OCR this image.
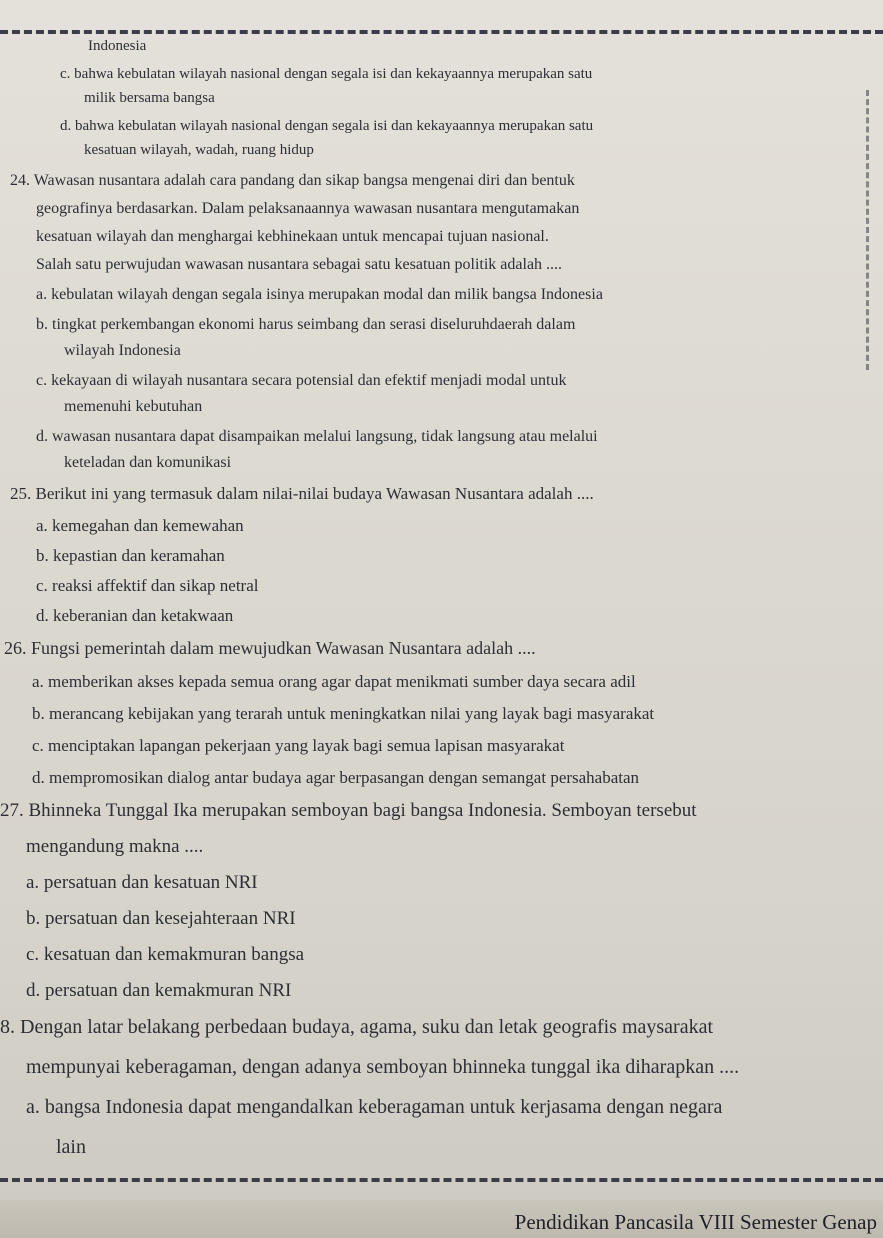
Indonesia
c. bahwa kebulatan wilayah nasional dengan segala isi dan kekayaannya merupakan satu
milik bersama bangsa
d. bahwa kebulatan wilayah nasional dengan segala isi dan kekayaannya merupakan satu
kesatuan wilayah, wadah, ruang hidup
24. Wawasan nusantara adalah cara pandang dan sikap bangsa mengenai diri dan bentuk
geografinya berdasarkan. Dalam pelaksanaannya wawasan nusantara mengutamakan
kesatuan wilayah dan menghargai kebhinekaan untuk mencapai tujuan nasional.
Salah satu perwujudan wawasan nusantara sebagai satu kesatuan politik adalah ....
a. kebulatan wilayah dengan segala isinya merupakan modal dan milik bangsa Indonesia
b. tingkat perkembangan ekonomi harus seimbang dan serasi diseluruhdaerah dalam
wilayah Indonesia
c. kekayaan di wilayah nusantara secara potensial dan efektif menjadi modal untuk
memenuhi kebutuhan
d. wawasan nusantara dapat disampaikan melalui langsung, tidak langsung atau melalui
keteladan dan komunikasi
25. Berikut ini yang termasuk dalam nilai-nilai budaya Wawasan Nusantara adalah ....
a. kemegahan dan kemewahan
b. kepastian dan keramahan
c. reaksi affektif dan sikap netral
d. keberanian dan ketakwaan
26. Fungsi pemerintah dalam mewujudkan Wawasan Nusantara adalah ....
a. memberikan akses kepada semua orang agar dapat menikmati sumber daya secara adil
b. merancang kebijakan yang terarah untuk meningkatkan nilai yang layak bagi masyarakat
c. menciptakan lapangan pekerjaan yang layak bagi semua lapisan masyarakat
d. mempromosikan dialog antar budaya agar berpasangan dengan semangat persahabatan
27. Bhinneka Tunggal Ika merupakan semboyan bagi bangsa Indonesia. Semboyan tersebut
mengandung makna ....
a. persatuan dan kesatuan NRI
b. persatuan dan kesejahteraan NRI
c. kesatuan dan kemakmuran bangsa
d. persatuan dan kemakmuran NRI
8. Dengan latar belakang perbedaan budaya, agama, suku dan letak geografis maysarakat
mempunyai keberagaman, dengan adanya semboyan bhinneka tunggal ika diharapkan ....
a. bangsa Indonesia dapat mengandalkan keberagaman untuk kerjasama dengan negara
lain
Pendidikan Pancasila VIII Semester Genap
